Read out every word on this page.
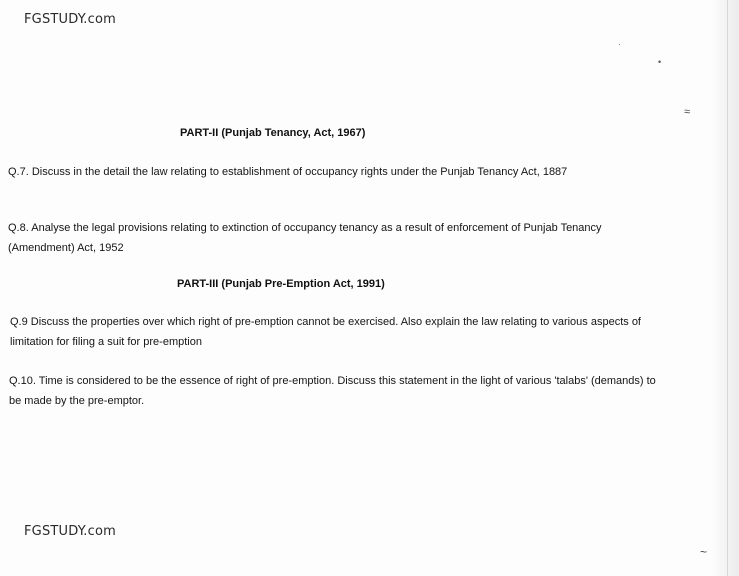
·
•
≈
~
FGSTUDY.com
PART-II (Punjab Tenancy, Act, 1967)

Q.7. Discuss in the detail the law relating to establishment of occupancy rights under the Punjab Tenancy Act, 1887

Q.8. Analyse the legal provisions relating to extinction of occupancy tenancy as a result of enforcement of Punjab Tenancy (Amendment) Act, 1952

PART-III (Punjab Pre-Emption Act, 1991)

Q.9 Discuss the properties over which right of pre-emption cannot be exercised. Also explain the law relating to various aspects of limitation for filing a suit for pre-emption

Q.10. Time is considered to be the essence of right of pre-emption. Discuss this statement in the light of various 'talabs' (demands) to be made by the pre-emptor.

FGSTUDY.com
